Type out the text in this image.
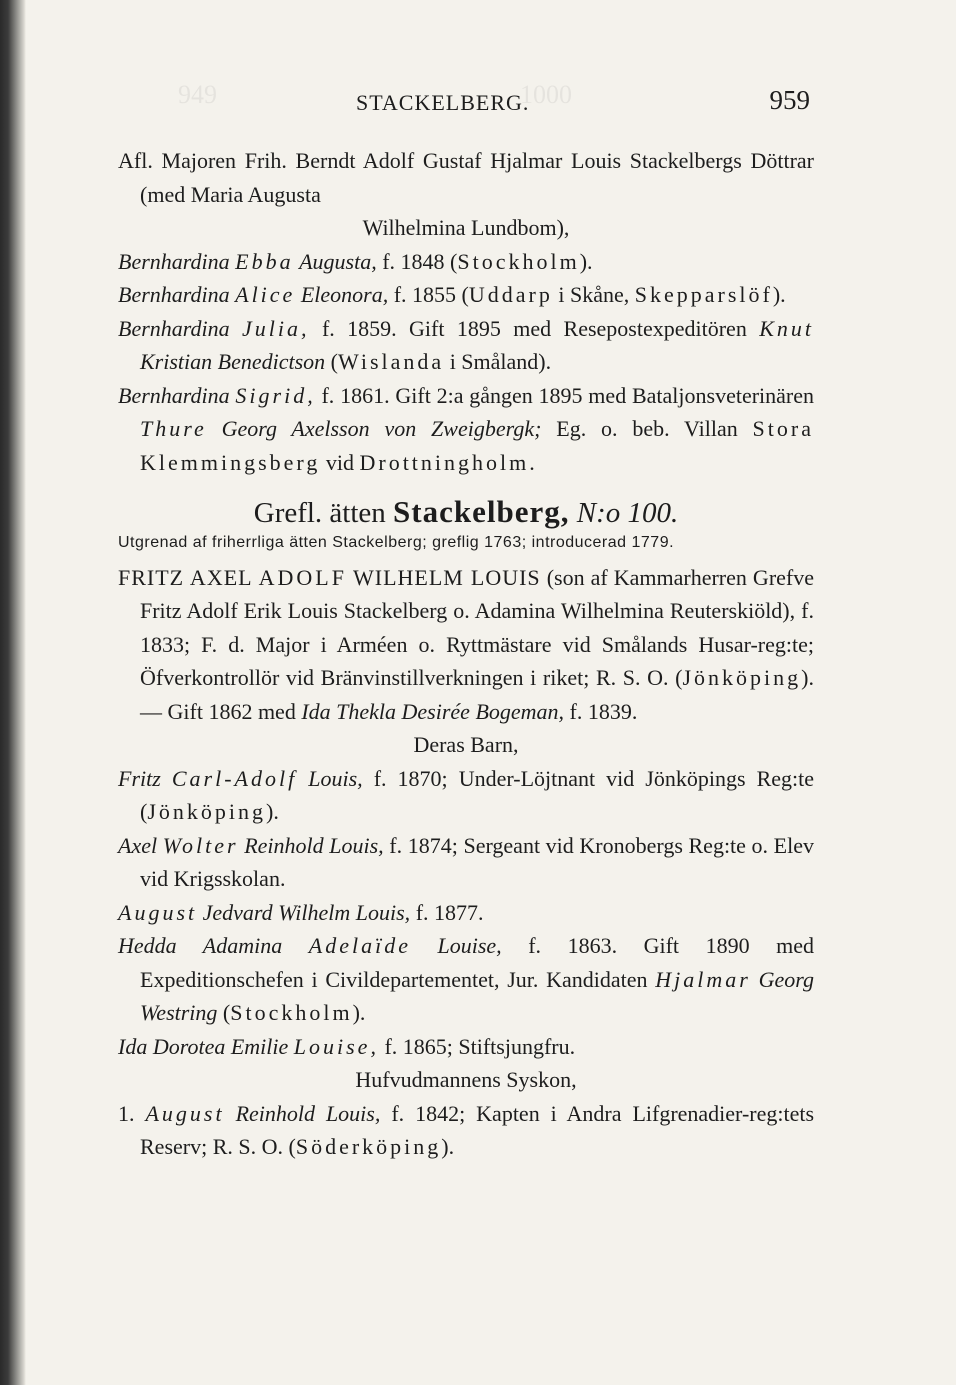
949	1000
STACKELBERG.	959

Afl. Majoren Frih. Berndt Adolf Gustaf Hjalmar Louis Stackelbergs Döttrar (med Maria Augusta

Wilhelmina Lundbom),

Bernhardina Ebba Augusta, f. 1848 (Stockholm).

Bernhardina Alice Eleonora, f. 1855 (Uddarp i Skåne, Skepparslöf).

Bernhardina Julia, f. 1859. Gift 1895 med Resepostexpeditören Knut Kristian Benedictson (Wislanda i Småland).

Bernhardina Sigrid, f. 1861. Gift 2:a gången 1895 med Bataljonsveterinären Thure Georg Axelsson von Zweigbergk; Eg. o. beb. Villan Stora Klemmingsberg vid Drottningholm.

Grefl. ätten Stackelberg, N:o 100.

Utgrenad af friherrliga ätten Stackelberg; greflig 1763; introducerad 1779.

FRITZ AXEL ADOLF WILHELM LOUIS (son af Kammarherren Grefve Fritz Adolf Erik Louis Stackelberg o. Adamina Wilhelmina Reuterskiöld), f. 1833; F. d. Major i Arméen o. Ryttmästare vid Smålands Husar-reg:te; Öfverkontrollör vid Bränvinstillverkningen i riket; R. S. O. (Jönköping). — Gift 1862 med Ida Thekla Desirée Bogeman, f. 1839.

Deras Barn,

Fritz Carl-Adolf Louis, f. 1870; Under-Löjtnant vid Jönköpings Reg:te (Jönköping).

Axel Wolter Reinhold Louis, f. 1874; Sergeant vid Kronobergs Reg:te o. Elev vid Krigsskolan.

August Jedvard Wilhelm Louis, f. 1877.

Hedda Adamina Adelaïde Louise, f. 1863. Gift 1890 med Expeditionschefen i Civildepartementet, Jur. Kandidaten Hjalmar Georg Westring (Stockholm).

Ida Dorotea Emilie Louise, f. 1865; Stiftsjungfru.

Hufvudmannens Syskon,

1. August Reinhold Louis, f. 1842; Kapten i Andra Lifgrenadier-reg:tets Reserv; R. S. O. (Söderköping).
